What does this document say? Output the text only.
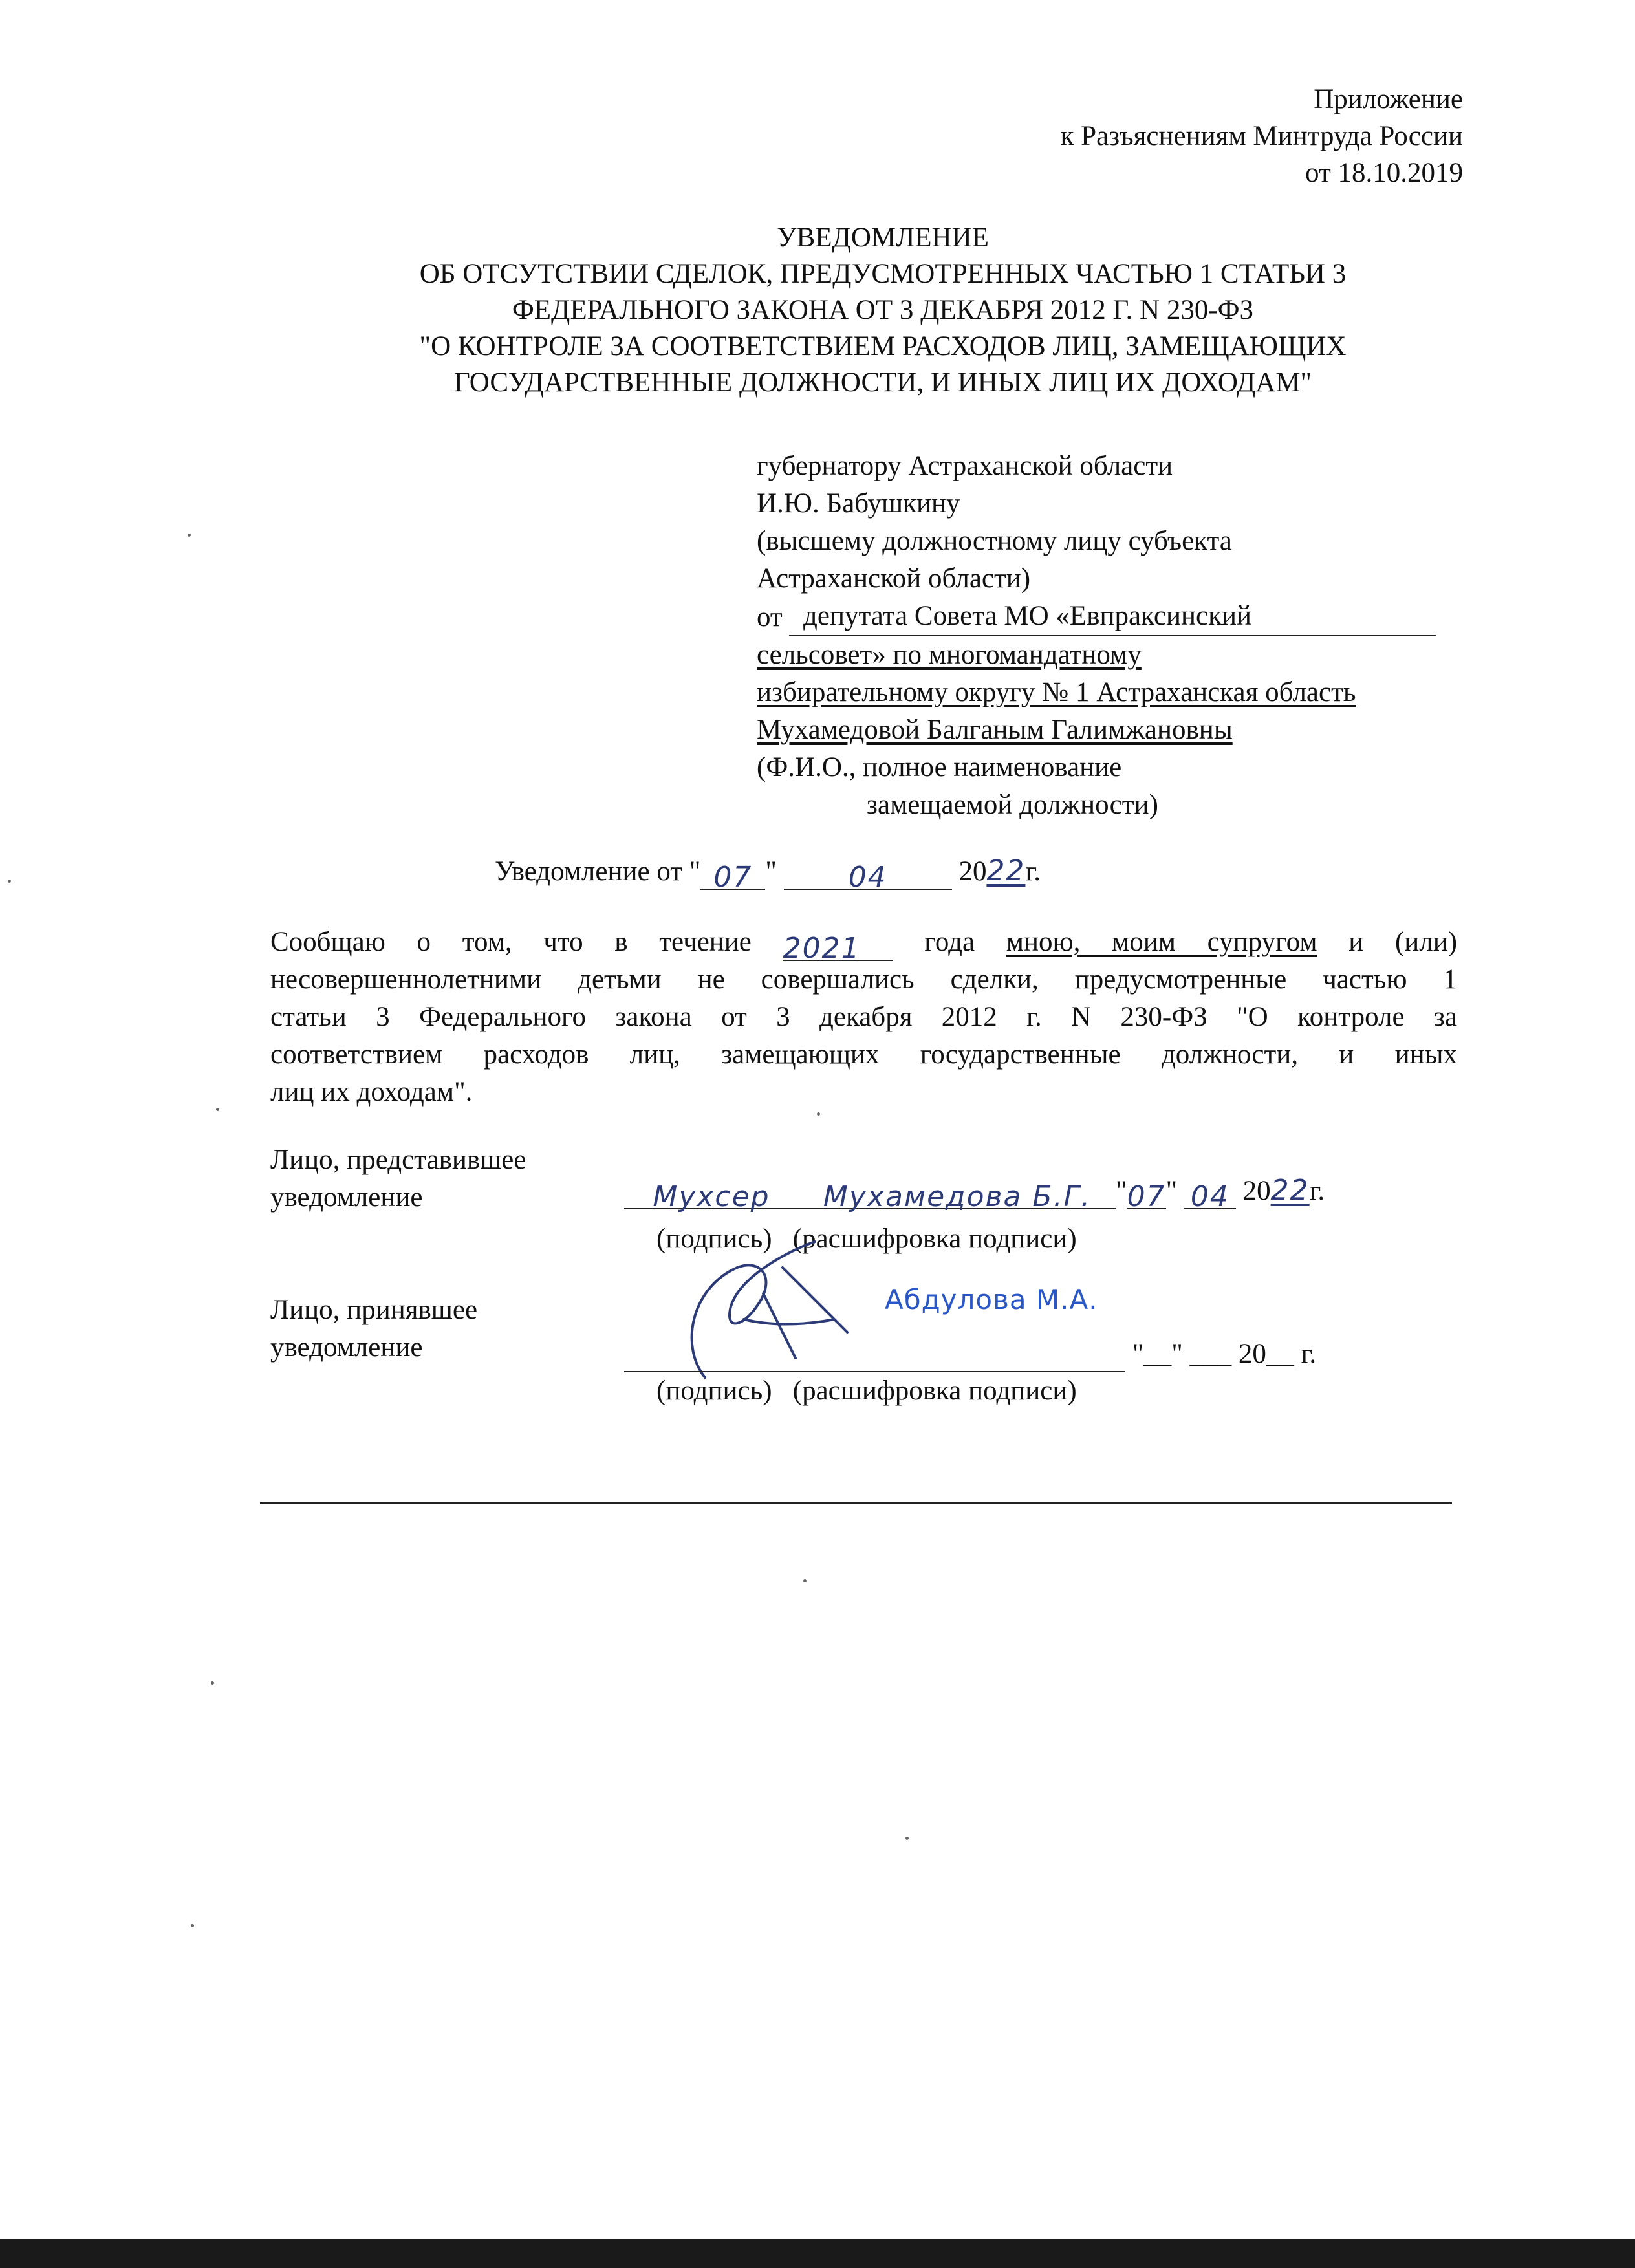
Приложение
к Разъяснениям Минтруда России
от 18.10.2019
УВЕДОМЛЕНИЕ
ОБ ОТСУТСТВИИ СДЕЛОК, ПРЕДУСМОТРЕННЫХ ЧАСТЬЮ 1 СТАТЬИ 3
ФЕДЕРАЛЬНОГО ЗАКОНА ОТ 3 ДЕКАБРЯ 2012 Г. N 230-ФЗ
"О КОНТРОЛЕ ЗА СООТВЕТСТВИЕМ РАСХОДОВ ЛИЦ, ЗАМЕЩАЮЩИХ
ГОСУДАРСТВЕННЫЕ ДОЛЖНОСТИ, И ИНЫХ ЛИЦ ИХ ДОХОДАМ"
губернатору Астраханской области
И.Ю. Бабушкину
(высшему должностному лицу субъекта
Астраханской области)
от депутата Совета МО «Евпраксинский
сельсовет» по многомандатному
избирательному округу № 1 Астраханская область
Мухамедовой Балганым Галимжановны
(Ф.И.О., полное наименование
замещаемой должности)
Уведомление от " 07 "	04	2022г.
Сообщаю о том, что в течение 2021 года мною, моим супругом и (или)
несовершеннолетними детьми не совершались сделки, предусмотренные частью 1
статьи 3 Федерального закона от 3 декабря 2012 г. N 230-ФЗ "О контроле за
соответствием расходов лиц, замещающих государственные должности, и иных
лиц их доходам".
Лицо, представившее
уведомление	Мухсер Мухамедова Б.Г. "07" 04 2022г.
(подпись) (расшифровка подписи)
Лицо, принявшее
уведомление
Абдулова М.А.
"__" ___ 20__ г.
(подпись) (расшифровка подписи)
